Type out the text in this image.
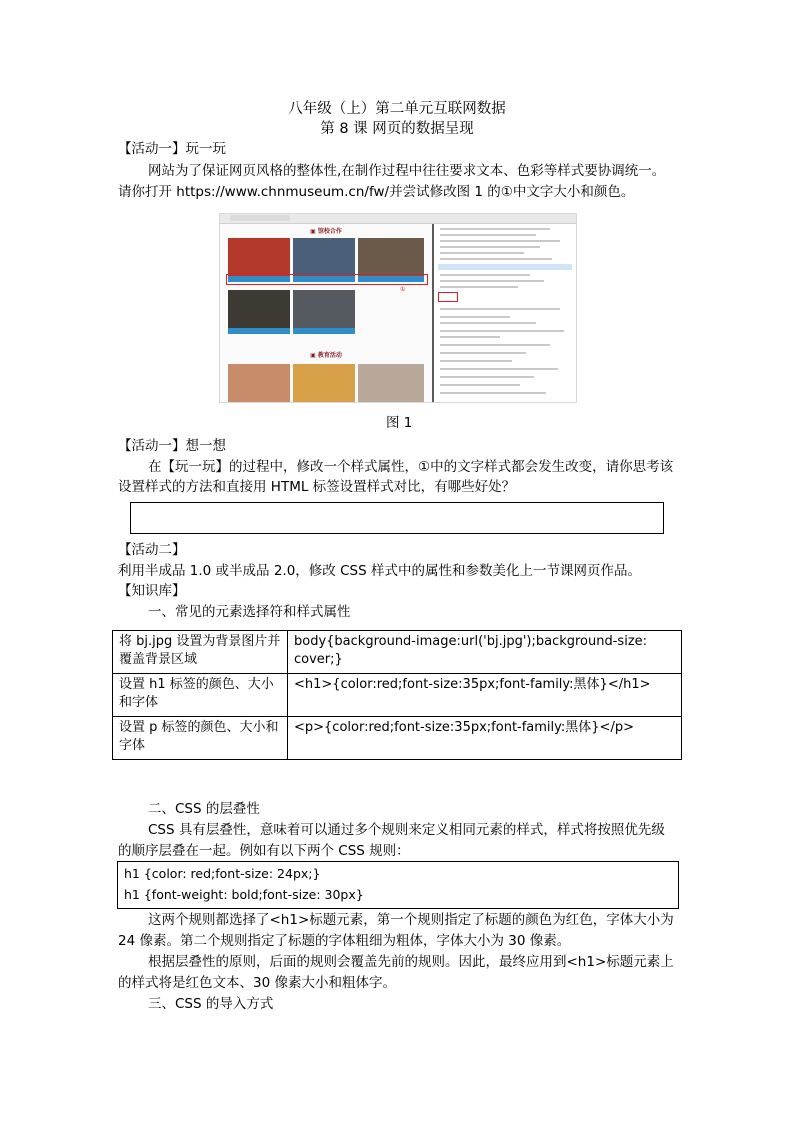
八年级（上）第二单元互联网数据
第 8 课 网页的数据呈现
【活动一】玩一玩
网站为了保证网页风格的整体性,在制作过程中往往要求文本、色彩等样式要协调统一。
请你打开 https://www.chnmuseum.cn/fw/并尝试修改图 1 的①中文字大小和颜色。
▣ 馆校合作
①
▣ 教育活动
图 1
【活动一】想一想
在【玩一玩】的过程中，修改一个样式属性，①中的文字样式都会发生改变，请你思考该
设置样式的方法和直接用 HTML 标签设置样式对比，有哪些好处？
【活动二】
利用半成品 1.0 或半成品 2.0，修改 CSS 样式中的属性和参数美化上一节课网页作品。
【知识库】
一、常见的元素选择符和样式属性
将 bj.jpg 设置为背景图片并覆盖背景区域	body{background-image:url('bj.jpg');background-size: cover;}
设置 h1 标签的颜色、大小和字体	<h1>{color:red;font-size:35px;font-family:黑体}</h1>
设置 p 标签的颜色、大小和字体	<p>{color:red;font-size:35px;font-family:黑体}</p>
二、CSS 的层叠性
CSS 具有层叠性，意味着可以通过多个规则来定义相同元素的样式，样式将按照优先级
的顺序层叠在一起。例如有以下两个 CSS 规则：
h1 {color: red;font-size: 24px;}
h1 {font-weight: bold;font-size: 30px}
这两个规则都选择了<h1>标题元素，第一个规则指定了标题的颜色为红色，字体大小为
24 像素。第二个规则指定了标题的字体粗细为粗体，字体大小为 30 像素。
根据层叠性的原则，后面的规则会覆盖先前的规则。因此，最终应用到<h1>标题元素上
的样式将是红色文本、30 像素大小和粗体字。
三、CSS 的导入方式
